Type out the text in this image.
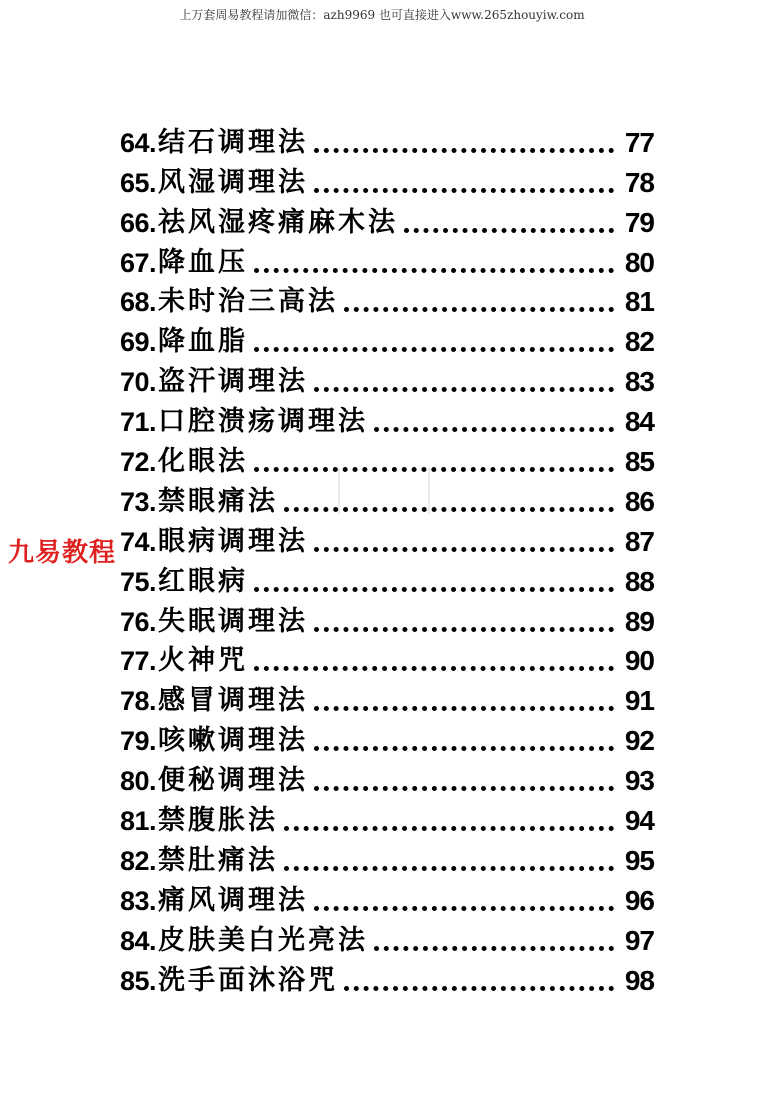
上万套周易教程请加微信：azh9969 也可直接进入www.265zhouyiw.com
64. 结石调理法	77
65. 风湿调理法	78
66. 祛风湿疼痛麻木法	79
67. 降血压	80
68. 未时治三高法	81
69. 降血脂	82
70. 盗汗调理法	83
71. 口腔溃疡调理法	84
72. 化眼法	85
73. 禁眼痛法	86
74. 眼病调理法	87
75. 红眼病	88
76. 失眠调理法	89
77. 火神咒	90
78. 感冒调理法	91
79. 咳嗽调理法	92
80. 便秘调理法	93
81. 禁腹胀法	94
82. 禁肚痛法	95
83. 痛风调理法	96
84. 皮肤美白光亮法	97
85. 洗手面沐浴咒	98
九易教程
